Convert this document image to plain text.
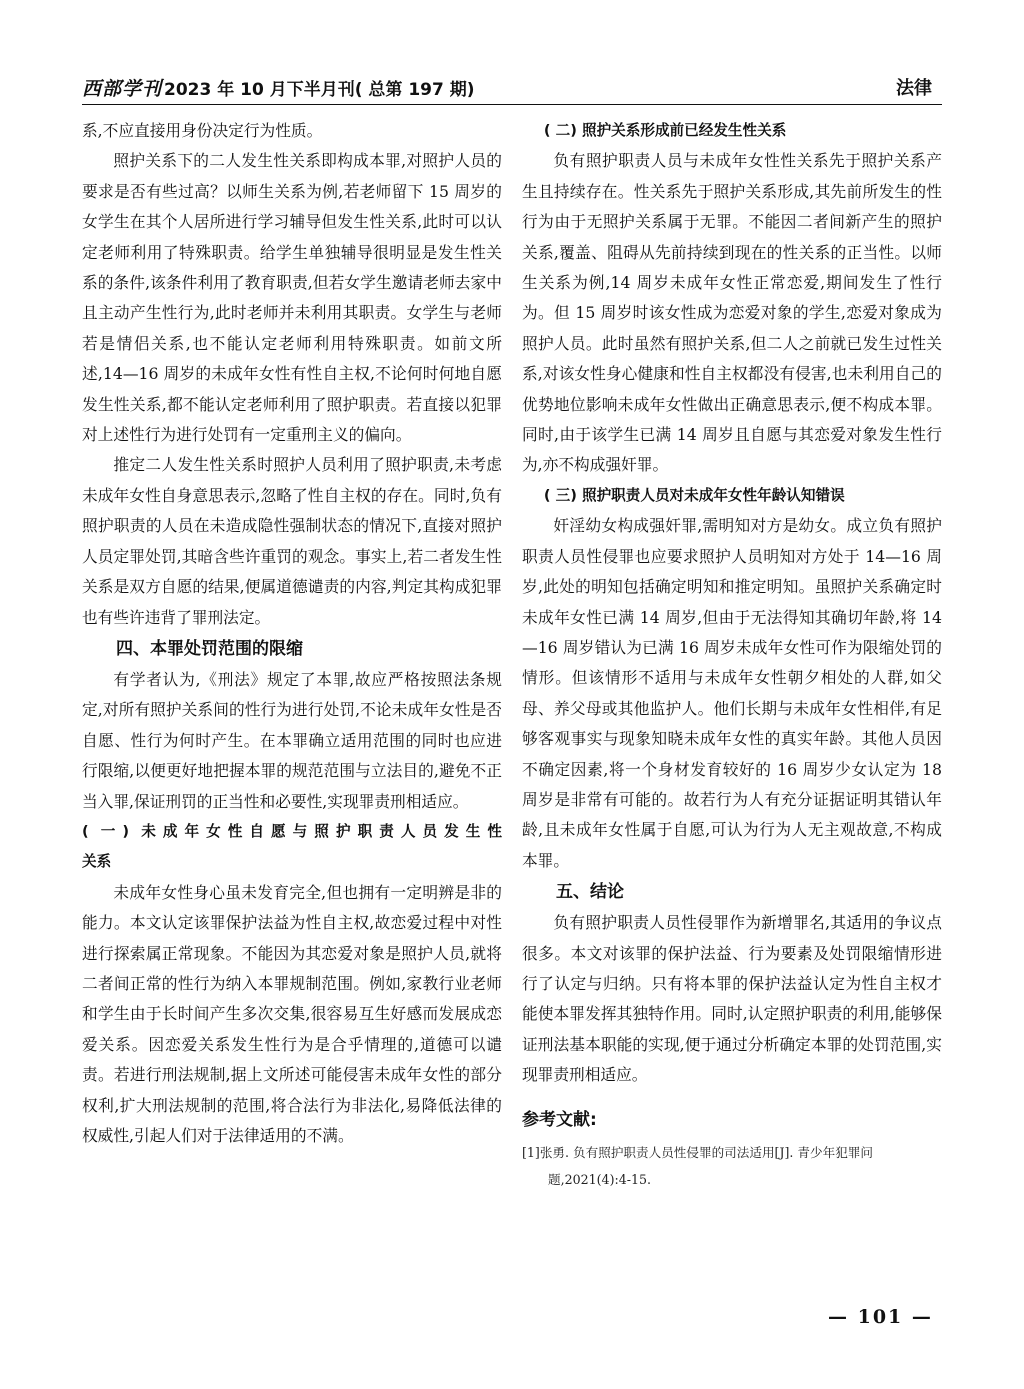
西部学刊 2023 年 10 月下半月刊( 总第 197 期)	法律

系,不应直接用身份决定行为性质。

照护关系下的二人发生性关系即构成本罪,对照护人员的要求是否有些过高？以师生关系为例,若老师留下 15 周岁的女学生在其个人居所进行学习辅导但发生性关系,此时可以认定老师利用了特殊职责。给学生单独辅导很明显是发生性关系的条件,该条件利用了教育职责,但若女学生邀请老师去家中且主动产生性行为,此时老师并未利用其职责。女学生与老师若是情侣关系,也不能认定老师利用特殊职责。如前文所述,14—16 周岁的未成年女性有性自主权,不论何时何地自愿发生性关系,都不能认定老师利用了照护职责。若直接以犯罪对上述性行为进行处罚有一定重刑主义的偏向。

推定二人发生性关系时照护人员利用了照护职责,未考虑未成年女性自身意思表示,忽略了性自主权的存在。同时,负有照护职责的人员在未造成隐性强制状态的情况下,直接对照护人员定罪处罚,其暗含些许重罚的观念。事实上,若二者发生性关系是双方自愿的结果,便属道德谴责的内容,判定其构成犯罪也有些许违背了罪刑法定。

四、本罪处罚范围的限缩

有学者认为,《刑法》规定了本罪,故应严格按照法条规定,对所有照护关系间的性行为进行处罚,不论未成年女性是否自愿、性行为何时产生。在本罪确立适用范围的同时也应进行限缩,以便更好地把握本罪的规范范围与立法目的,避免不正当入罪,保证刑罚的正当性和必要性,实现罪责刑相适应。

( 一) 未成年女性自愿与照护职责人员发生性

关系

未成年女性身心虽未发育完全,但也拥有一定明辨是非的能力。本文认定该罪保护法益为性自主权,故恋爱过程中对性进行探索属正常现象。不能因为其恋爱对象是照护人员,就将二者间正常的性行为纳入本罪规制范围。例如,家教行业老师和学生由于长时间产生多次交集,很容易互生好感而发展成恋爱关系。因恋爱关系发生性行为是合乎情理的,道德可以谴责。若进行刑法规制,据上文所述可能侵害未成年女性的部分权利,扩大刑法规制的范围,将合法行为非法化,易降低法律的权威性,引起人们对于法律适用的不满。

( 二) 照护关系形成前已经发生性关系

负有照护职责人员与未成年女性性关系先于照护关系产生且持续存在。性关系先于照护关系形成,其先前所发生的性行为由于无照护关系属于无罪。不能因二者间新产生的照护关系,覆盖、阻碍从先前持续到现在的性关系的正当性。以师生关系为例,14 周岁未成年女性正常恋爱,期间发生了性行为。但 15 周岁时该女性成为恋爱对象的学生,恋爱对象成为照护人员。此时虽然有照护关系,但二人之前就已发生过性关系,对该女性身心健康和性自主权都没有侵害,也未利用自己的优势地位影响未成年女性做出正确意思表示,便不构成本罪。同时,由于该学生已满 14 周岁且自愿与其恋爱对象发生性行为,亦不构成强奸罪。

( 三) 照护职责人员对未成年女性年龄认知错误

奸淫幼女构成强奸罪,需明知对方是幼女。成立负有照护职责人员性侵罪也应要求照护人员明知对方处于 14—16 周岁,此处的明知包括确定明知和推定明知。虽照护关系确定时未成年女性已满 14 周岁,但由于无法得知其确切年龄,将 14—16 周岁错认为已满 16 周岁未成年女性可作为限缩处罚的情形。但该情形不适用与未成年女性朝夕相处的人群,如父母、养父母或其他监护人。他们长期与未成年女性相伴,有足够客观事实与现象知晓未成年女性的真实年龄。其他人员因不确定因素,将一个身材发育较好的 16 周岁少女认定为 18 周岁是非常有可能的。故若行为人有充分证据证明其错认年龄,且未成年女性属于自愿,可认为行为人无主观故意,不构成本罪。

五、结论

负有照护职责人员性侵罪作为新增罪名,其适用的争议点很多。本文对该罪的保护法益、行为要素及处罚限缩情形进行了认定与归纳。只有将本罪的保护法益认定为性自主权才能使本罪发挥其独特作用。同时,认定照护职责的利用,能够保证刑法基本职能的实现,便于通过分析确定本罪的处罚范围,实现罪责刑相适应。

参考文献:

[1]张勇. 负有照护职责人员性侵罪的司法适用[J]. 青少年犯罪问题,2021(4):4-15.

— 101 —
